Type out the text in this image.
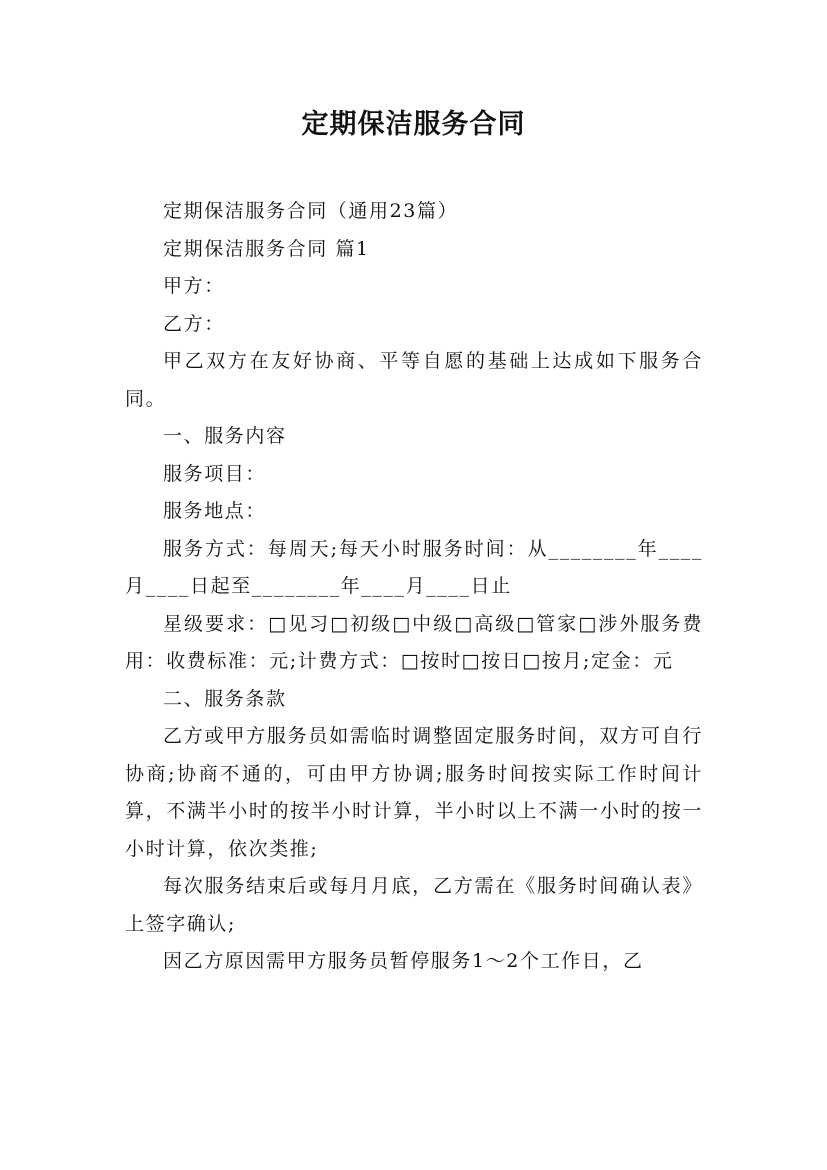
定期保洁服务合同

定期保洁服务合同（通用23篇）

定期保洁服务合同 篇1

甲方：

乙方：

甲乙双方在友好协商、平等自愿的基础上达成如下服务合同。

一、服务内容

服务项目：

服务地点：

服务方式：每周天;每天小时服务时间：从________年____月____日起至________年____月____日止

星级要求：□见习□初级□中级□高级□管家□涉外服务费用：收费标准：元;计费方式：□按时□按日□按月;定金：元

二、服务条款

乙方或甲方服务员如需临时调整固定服务时间，双方可自行协商;协商不通的，可由甲方协调;服务时间按实际工作时间计算，不满半小时的按半小时计算，半小时以上不满一小时的按一小时计算，依次类推;

每次服务结束后或每月月底，乙方需在《服务时间确认表》上签字确认;

因乙方原因需甲方服务员暂停服务1～2个工作日，乙
